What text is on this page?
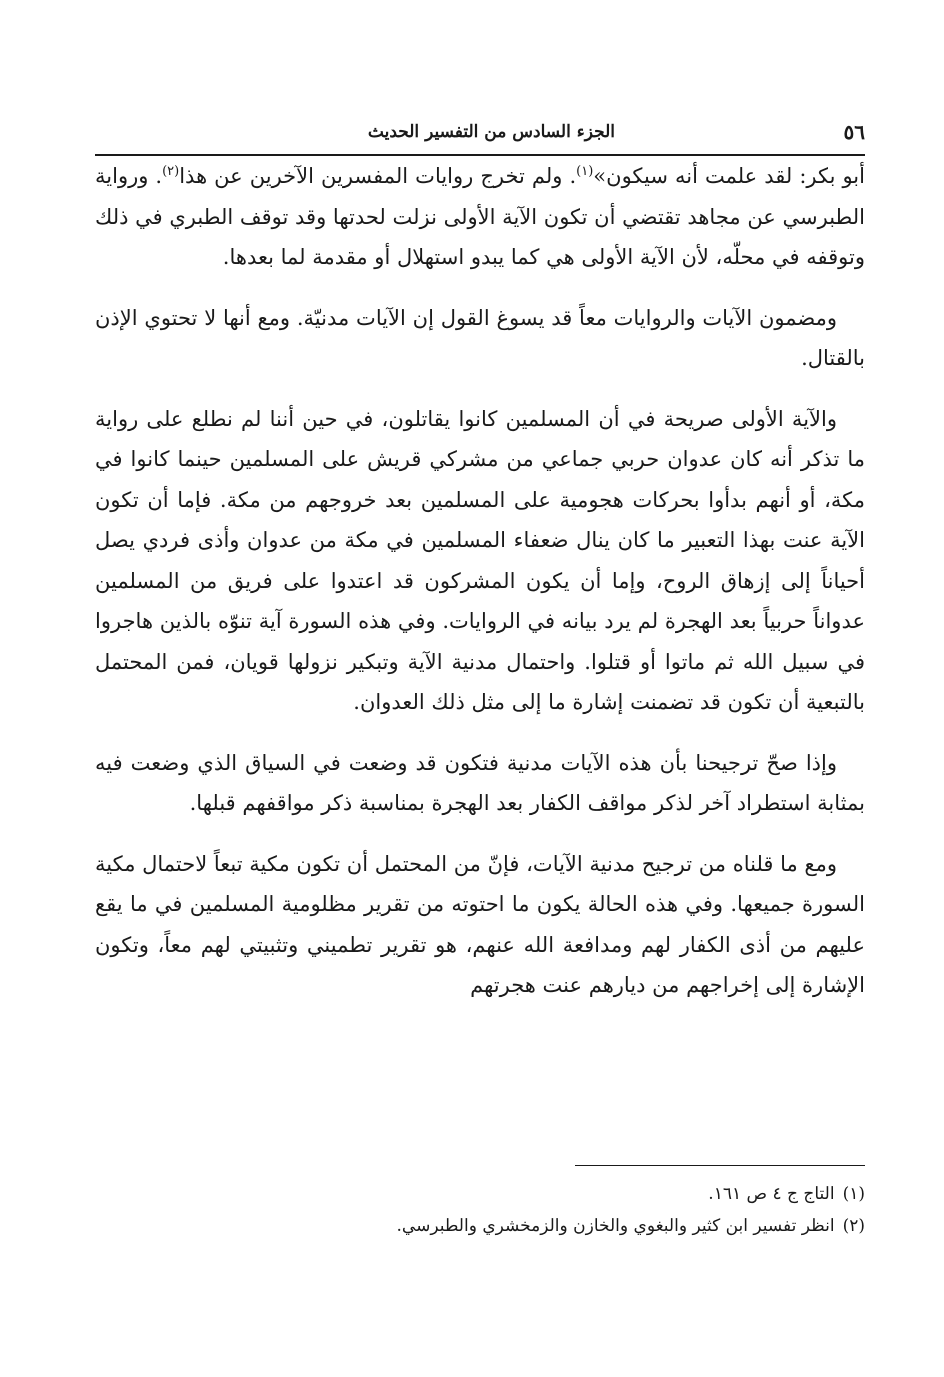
٥٦
الجزء السادس من التفسير الحديث

أبو بكر: لقد علمت أنه سيكون»$^{(١)}$. ولم تخرج روايات المفسرين الآخرين عن هذا$^{(٢)}$. ورواية الطبرسي عن مجاهد تقتضي أن تكون الآية الأولى نزلت لحدتها وقد توقف الطبري في ذلك وتوقفه في محلّه، لأن الآية الأولى هي كما يبدو استهلال أو مقدمة لما بعدها.

ومضمون الآيات والروايات معاً قد يسوغ القول إن الآيات مدنيّة. ومع أنها لا تحتوي الإذن بالقتال.

والآية الأولى صريحة في أن المسلمين كانوا يقاتلون، في حين أننا لم نطلع على رواية ما تذكر أنه كان عدوان حربي جماعي من مشركي قريش على المسلمين حينما كانوا في مكة، أو أنهم بدأوا بحركات هجومية على المسلمين بعد خروجهم من مكة. فإما أن تكون الآية عنت بهذا التعبير ما كان ينال ضعفاء المسلمين في مكة من عدوان وأذى فردي يصل أحياناً إلى إزهاق الروح، وإما أن يكون المشركون قد اعتدوا على فريق من المسلمين عدواناً حربياً بعد الهجرة لم يرد بيانه في الروايات. وفي هذه السورة آية تنوّه بالذين هاجروا في سبيل الله ثم ماتوا أو قتلوا. واحتمال مدنية الآية وتبكير نزولها قويان، فمن المحتمل بالتبعية أن تكون قد تضمنت إشارة ما إلى مثل ذلك العدوان.

وإذا صحّ ترجيحنا بأن هذه الآيات مدنية فتكون قد وضعت في السياق الذي وضعت فيه بمثابة استطراد آخر لذكر مواقف الكفار بعد الهجرة بمناسبة ذكر مواقفهم قبلها.

ومع ما قلناه من ترجيح مدنية الآيات، فإنّ من المحتمل أن تكون مكية تبعاً لاحتمال مكية السورة جميعها. وفي هذه الحالة يكون ما احتوته من تقرير مظلومية المسلمين في ما يقع عليهم من أذى الكفار لهم ومدافعة الله عنهم، هو تقرير تطميني وتثبيتي لهم معاً، وتكون الإشارة إلى إخراجهم من ديارهم عنت هجرتهم

(١)التاج ج ٤ ص ١٦١.

(٢)انظر تفسير ابن كثير والبغوي والخازن والزمخشري والطبرسي.
